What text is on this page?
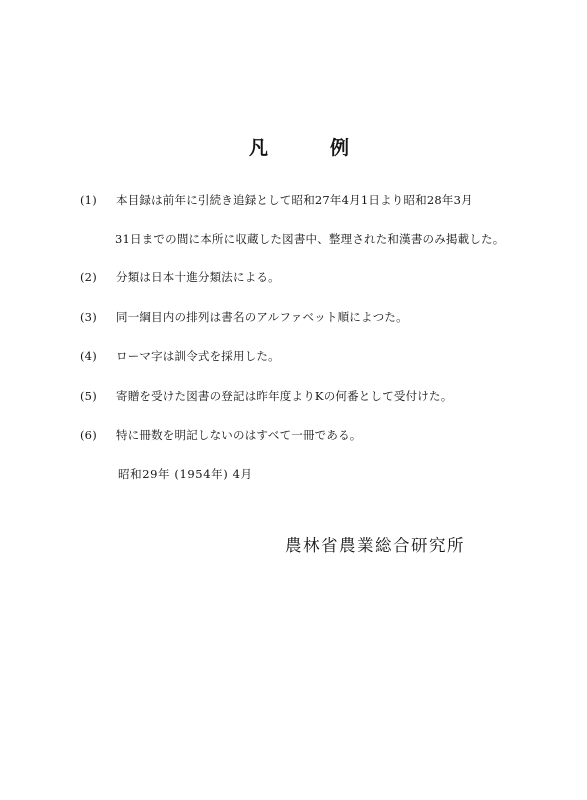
凡	例
(1) 本目録は前年に引続き追録として昭和27年4月1日より昭和28年3月
31日までの間に本所に収蔵した図書中、整理された和漢書のみ掲載した。
(2) 分類は日本十進分類法による。
(3) 同一綱目内の排列は書名のアルファベット順によつた。
(4) ローマ字は訓令式を採用した。
(5) 寄贈を受けた図書の登記は昨年度よりKの何番として受付けた。
(6) 特に冊数を明記しないのはすべて一冊である。
昭和29年 (1954年) 4月
農林省農業総合研究所
